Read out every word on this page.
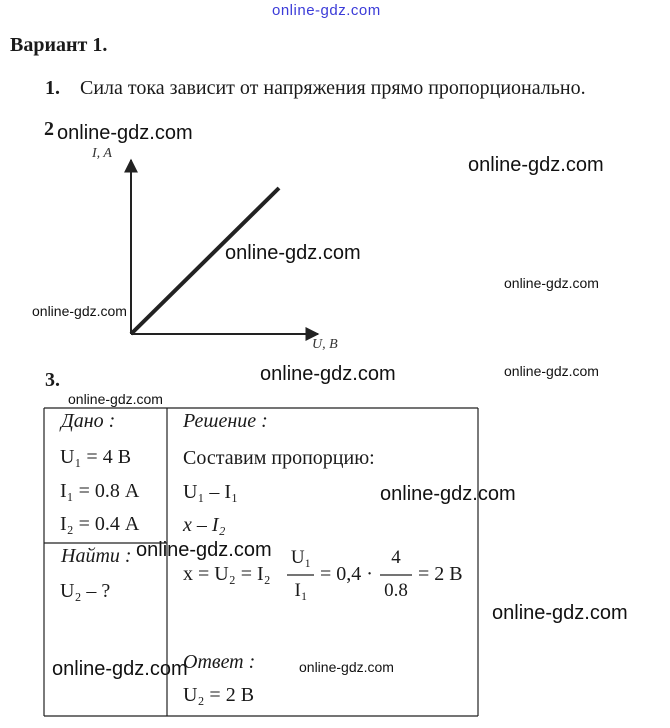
online-gdz.com
online-gdz.com
online-gdz.com
online-gdz.com
online-gdz.com
online-gdz.com
online-gdz.com	online-gdz.com
online-gdz.com
online-gdz.com
online-gdz.com
online-gdz.com
online-gdz.com	online-gdz.com
Вариант 1.
1. Сила тока зависит от напряжения прямо пропорционально.
2
I, A
U, B
3.
Дано :
U₁ = 4 В
I₁ = 0.8 А
I₂ = 0.4 А
Найти :
U₂ – ?
Решение :
Составим пропорцию:
U₁ – I₁
x – I₂
x = U₂ = I₂
U₁
I₁
= 0,4 ·
4
0.8
= 2 В
Ответ :
U₂ = 2 В
